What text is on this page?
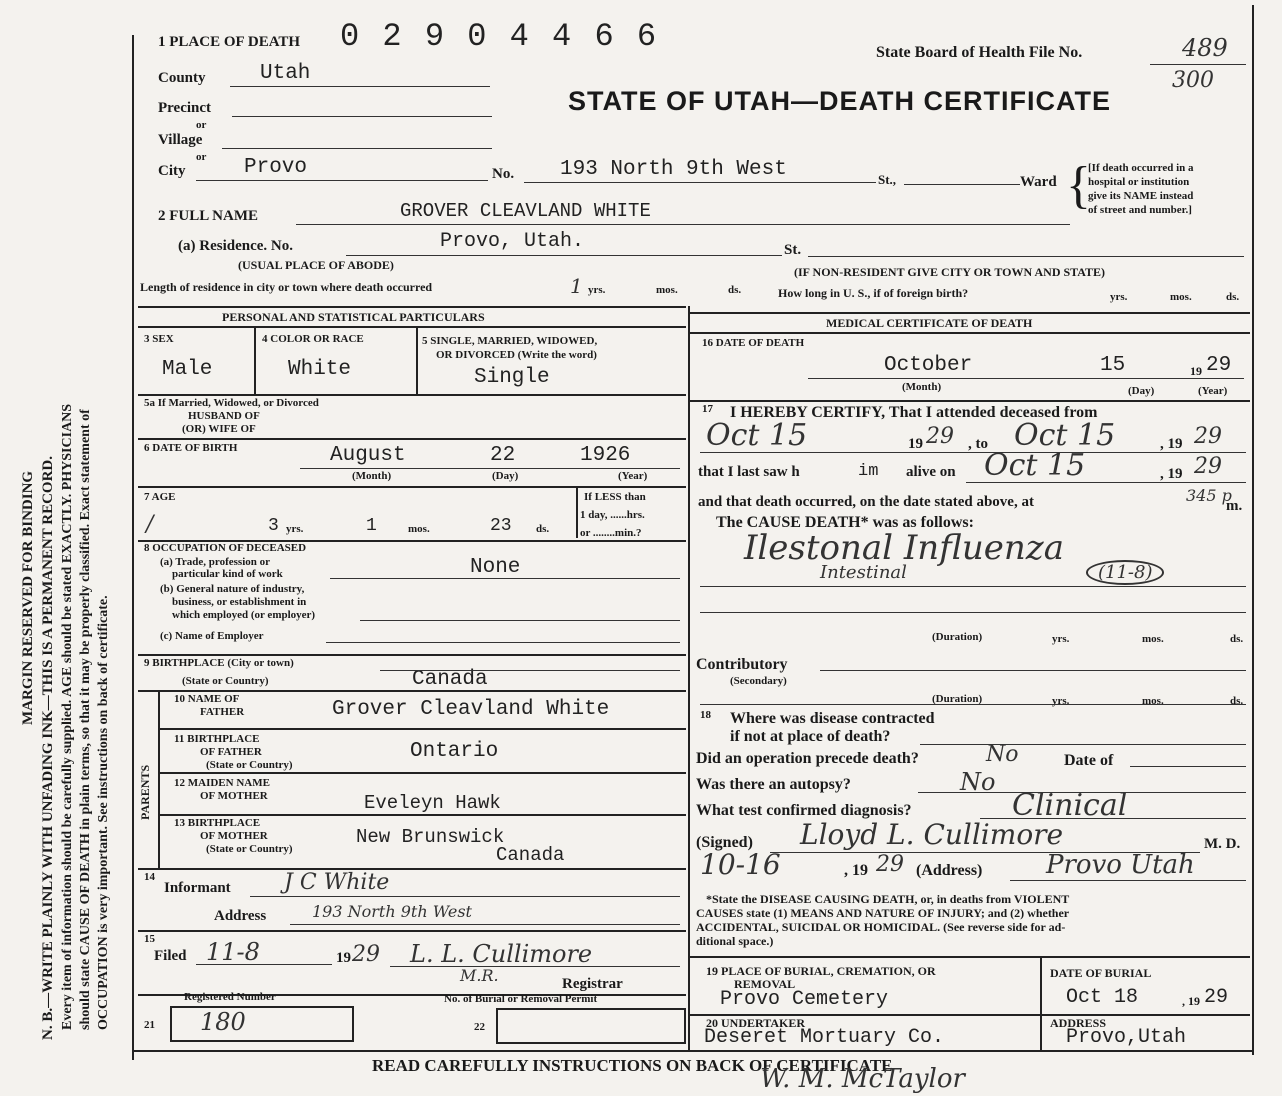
N. B.—WRITE PLAINLY WITH UNFADING INK—THIS IS A PERMANENT RECORD. Every item of information should be carefully supplied. AGE should be stated EXACTLY. PHYSICIANS should state CAUSE OF DEATH in plain terms, so that it may be properly classified. Exact statement of OCCUPATION is very important. See instructions on back of certificate.
MARGIN RESERVED FOR BINDING
1 PLACE OF DEATH 0 2 9 0 4 4 6 6	State Board of Health File No.	489
300
STATE OF UTAH—DEATH CERTIFICATE
County	Utah
Precinct
or
Village
or
City	Provo	No. 193 North 9th West	St.,	Ward {
[If death occurred in a
hospital or institution
give its NAME instead
of street and number.]
2 FULL NAME	GROVER CLEAVLAND WHITE
(a) Residence. No.	Provo, Utah.	St.
(USUAL PLACE OF ABODE)	(IF NON-RESIDENT GIVE CITY OR TOWN AND STATE)
Length of residence in city or town where death occurred	1 yrs.	mos.	ds.	How long in U. S., if of foreign birth?	yrs.	mos.	ds.
PERSONAL AND STATISTICAL PARTICULARS	MEDICAL CERTIFICATE OF DEATH
3 SEX
Male
4 COLOR OR RACE
White
5 SINGLE, MARRIED, WIDOWED,
OR DIVORCED (Write the word)
Single
5a If Married, Widowed, or Divorced
HUSBAND OF
(OR) WIFE OF
6 DATE OF BIRTH	August	22	1926
(Month)	(Day)	(Year)
7 AGE
/	3 yrs.	1	mos.	23 ds.
If LESS than
1 day, ......hrs.
or ........min.?
8 OCCUPATION OF DECEASED
(a) Trade, profession or
particular kind of work	None
(b) General nature of industry,
business, or establishment in
which employed (or employer)
(c) Name of Employer
9 BIRTHPLACE (City or town)
(State or Country)	Canada
PARENTS
10 NAME OF
FATHER	Grover Cleavland White
11 BIRTHPLACE
OF FATHER
(State or Country)
Ontario
12 MAIDEN NAME
OF MOTHER	Eveleyn Hawk
13 BIRTHPLACE
OF MOTHER
(State or Country)
New Brunswick
Canada
14
Informant J C White
Address	193 North 9th West
15
Filed 11-8	19 29 L. L. Cullimore
M.R.	Registrar
Registered Number	No. of Burial or Removal Permit
21 180	22
16 DATE OF DEATH
October	15	19 29
(Month)	(Day)	(Year)
17 I HEREBY CERTIFY, That I attended deceased from
Oct 15	19 29 , to Oct 15	, 19 29
that I last saw h	im alive on Oct 15	, 19 29
and that death occurred, on the date stated above, at	345 p
m.
The CAUSE DEATH* was as follows:
Ilestonal Influenza
Intestinal	(11-8)
(Duration)	yrs.	mos.	ds.
Contributory
(Secondary)
(Duration)	yrs.	mos.	ds.
18 Where was disease contracted
if not at place of death?
Did an operation precede death?	No	Date of
Was there an autopsy?	No
What test confirmed diagnosis?	Clinical
(Signed) Lloyd L. Cullimore	M. D.
10-16	, 19 29 (Address) Provo Utah
*State the DISEASE CAUSING DEATH, or, in deaths from VIOLENT
CAUSES state (1) MEANS AND NATURE OF INJURY; and (2) whether
ACCIDENTAL, SUICIDAL OR HOMICIDAL. (See reverse side for ad-
ditional space.)
19 PLACE OF BURIAL, CREMATION, OR
REMOVAL
Provo Cemetery
DATE OF BURIAL
Oct 18	, 19 29
20 UNDERTAKER
Deseret Mortuary Co.
ADDRESS
Provo,Utah
READ CAREFULLY INSTRUCTIONS ON BACK OF CERTIFICATE
W. M. McTaylor
